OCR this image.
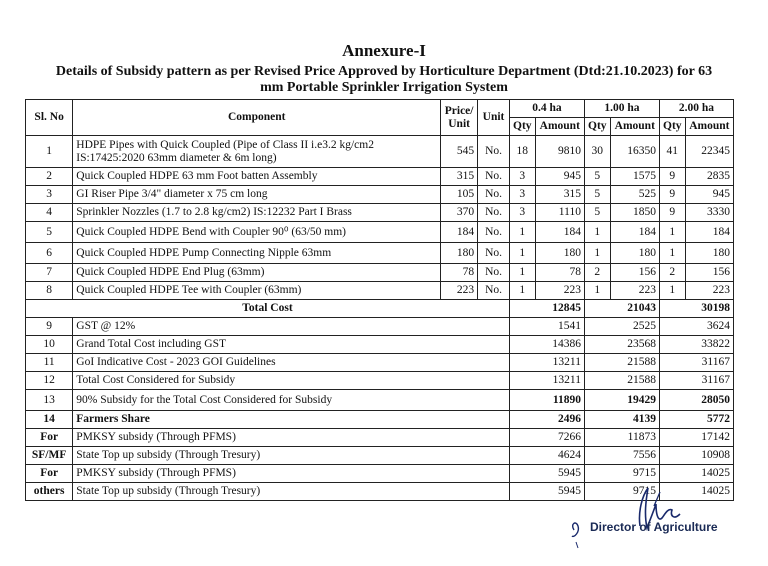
Annexure-I
Details of Subsidy pattern as per Revised Price Approved by Horticulture Department (Dtd:21.10.2023) for 63
mm Portable Sprinkler Irrigation System
Sl. No	Component	Price/ Unit	Unit	0.4 ha		1.00 ha		2.00 ha	
				Qty	Amount	Qty	Amount	Qty	Amount
1	HDPE Pipes with Quick Coupled (Pipe of Class II i.e3.2 kg/cm2 IS:17425:2020 63mm diameter & 6m long)	545	No.	18	9810	30	16350	41	22345
2	Quick Coupled HDPE 63 mm Foot batten Assembly	315	No.	3	945	5	1575	9	2835
3	GI Riser Pipe 3/4" diameter x 75 cm long	105	No.	3	315	5	525	9	945
4	Sprinkler Nozzles (1.7 to 2.8 kg/cm2) IS:12232 Part I Brass	370	No.	3	1110	5	1850	9	3330
5	Quick Coupled HDPE Bend with Coupler 90⁰ (63/50 mm)	184	No.	1	184	1	184	1	184
6	Quick Coupled HDPE Pump Connecting Nipple 63mm	180	No.	1	180	1	180	1	180
7	Quick Coupled HDPE End Plug (63mm)	78	No.	1	78	2	156	2	156
8	Quick Coupled HDPE Tee with Coupler (63mm)	223	No.	1	223	1	223	1	223
Total Cost				12845		21043		30198	
9	GST @ 12%			1541		2525		3624	
10	Grand Total Cost including GST			14386		23568		33822	
11	GoI Indicative Cost - 2023 GOI Guidelines			13211		21588		31167	
12	Total Cost Considered for Subsidy			13211		21588		31167	
13	90% Subsidy for the Total Cost Considered for Subsidy			11890		19429		28050	
14	Farmers Share			2496		4139		5772	
For	PMKSY subsidy (Through PFMS)			7266		11873		17142	
SF/MF	State Top up subsidy (Through Tresury)			4624		7556		10908	
For	PMKSY subsidy (Through PFMS)			5945		9715		14025	
others	State Top up subsidy (Through Tresury)			5945		9715		14025	
Director of Agriculture
